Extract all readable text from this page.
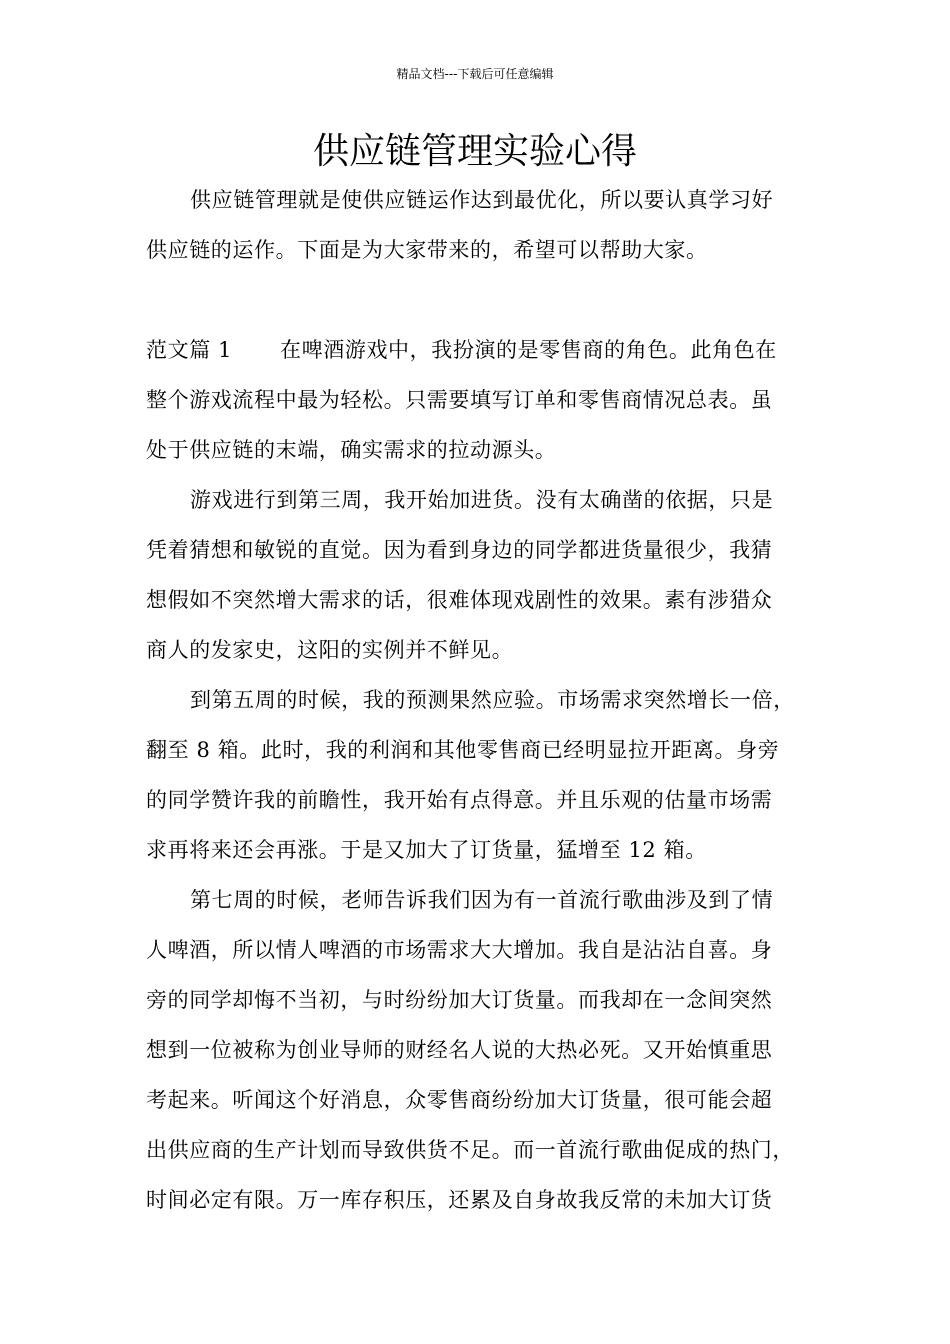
精品文档---下载后可任意编辑
供应链管理实验心得
供应链管理就是使供应链运作达到最优化，所以要认真学习好
供应链的运作。下面是为大家带来的，希望可以帮助大家。
范文篇 1 在啤酒游戏中，我扮演的是零售商的角色。此角色在
整个游戏流程中最为轻松。只需要填写订单和零售商情况总表。虽
处于供应链的末端，确实需求的拉动源头。
游戏进行到第三周，我开始加进货。没有太确凿的依据，只是
凭着猜想和敏锐的直觉。因为看到身边的同学都进货量很少，我猜
想假如不突然增大需求的话，很难体现戏剧性的效果。素有涉猎众
商人的发家史，这阳的实例并不鲜见。
到第五周的时候，我的预测果然应验。市场需求突然增长一倍，
翻至 8 箱。此时，我的利润和其他零售商已经明显拉开距离。身旁
的同学赞许我的前瞻性，我开始有点得意。并且乐观的估量市场需
求再将来还会再涨。于是又加大了订货量，猛增至 12 箱。
第七周的时候，老师告诉我们因为有一首流行歌曲涉及到了情
人啤酒，所以情人啤酒的市场需求大大增加。我自是沾沾自喜。身
旁的同学却悔不当初，与时纷纷加大订货量。而我却在一念间突然
想到一位被称为创业导师的财经名人说的大热必死。又开始慎重思
考起来。听闻这个好消息，众零售商纷纷加大订货量，很可能会超
出供应商的生产计划而导致供货不足。而一首流行歌曲促成的热门，
时间必定有限。万一库存积压，还累及自身故我反常的未加大订货
